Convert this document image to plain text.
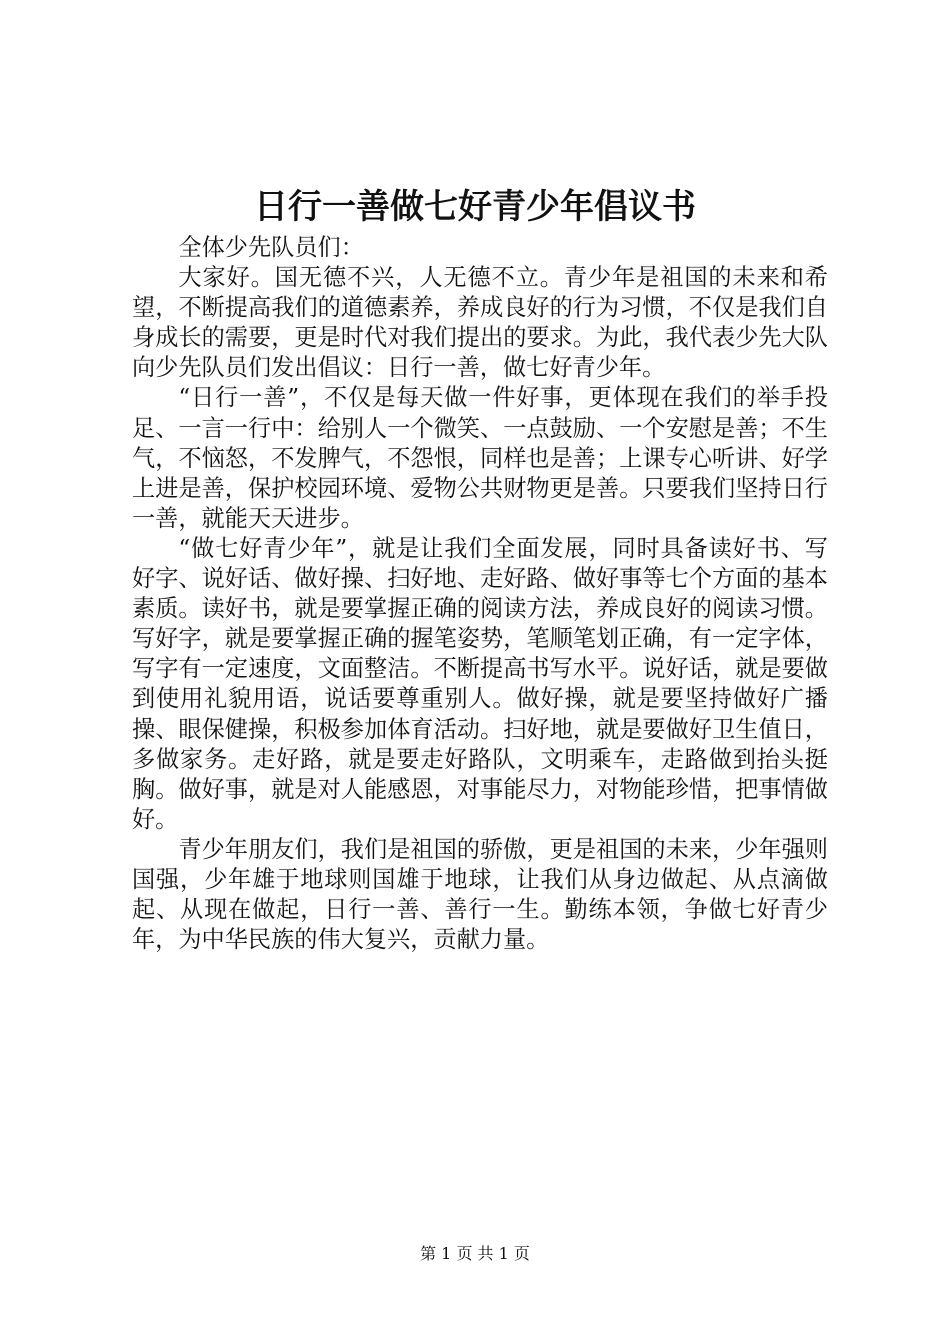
日行一善做七好青少年倡议书

全体少先队员们：

大家好。国无德不兴，人无德不立。青少年是祖国的未来和希望，不断提高我们的道德素养，养成良好的行为习惯，不仅是我们自身成长的需要，更是时代对我们提出的要求。为此，我代表少先大队向少先队员们发出倡议：日行一善，做七好青少年。

“日行一善”，不仅是每天做一件好事，更体现在我们的举手投足、一言一行中：给别人一个微笑、一点鼓励、一个安慰是善；不生气，不恼怒，不发脾气，不怨恨，同样也是善；上课专心听讲、好学上进是善，保护校园环境、爱物公共财物更是善。只要我们坚持日行一善，就能天天进步。

“做七好青少年”，就是让我们全面发展，同时具备读好书、写好字、说好话、做好操、扫好地、走好路、做好事等七个方面的基本素质。读好书，就是要掌握正确的阅读方法，养成良好的阅读习惯。写好字，就是要掌握正确的握笔姿势，笔顺笔划正确，有一定字体，写字有一定速度，文面整洁。不断提高书写水平。说好话，就是要做到使用礼貌用语，说话要尊重别人。做好操，就是要坚持做好广播操、眼保健操，积极参加体育活动。扫好地，就是要做好卫生值日，多做家务。走好路，就是要走好路队，文明乘车，走路做到抬头挺胸。做好事，就是对人能感恩，对事能尽力，对物能珍惜，把事情做好。

青少年朋友们，我们是祖国的骄傲，更是祖国的未来，少年强则国强，少年雄于地球则国雄于地球，让我们从身边做起、从点滴做起、从现在做起，日行一善、善行一生。勤练本领，争做七好青少年，为中华民族的伟大复兴，贡献力量。

第 1 页 共 1 页
